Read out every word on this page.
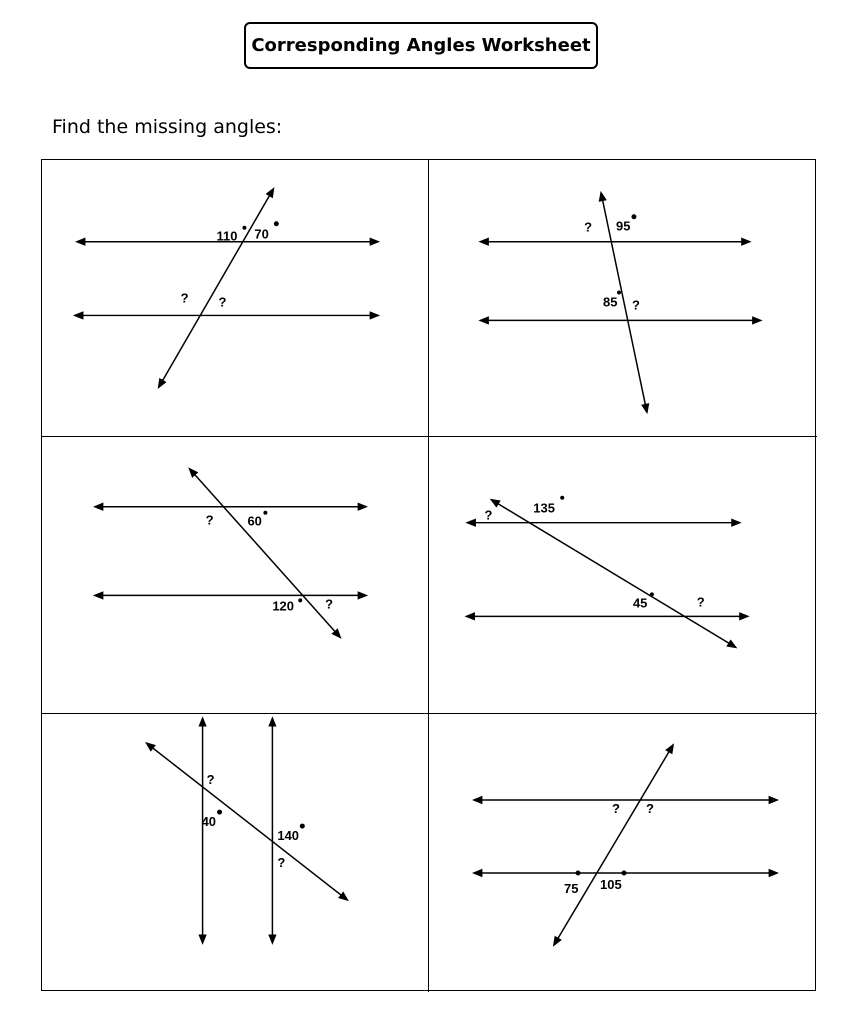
Corresponding Angles Worksheet
Find the missing angles:
110 70
? ?
? 95
85 ?
?	60
120 ?
?	135
45	?
?
40
140
?
? ?
75 105
